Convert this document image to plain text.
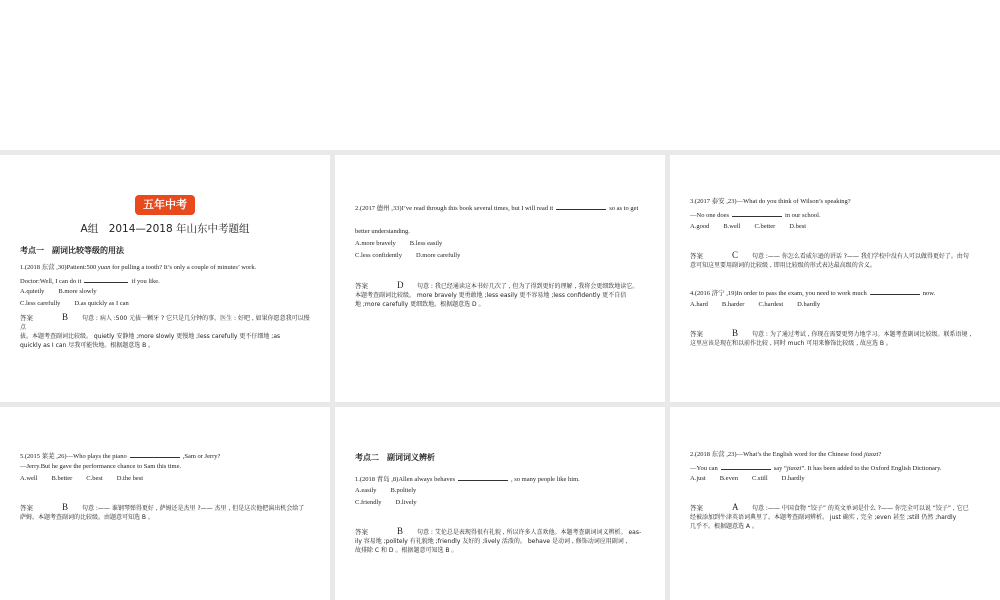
五年中考
A组　2014—2018 年山东中考题组
考点一　副词比较等级的用法
1.(2018 东营 ,30)Patient:500 yuan for pulling a tooth? It’s only a couple of minutes’ work.
Doctor:Well, I can do it	if you like.
A.quietly B.more slowly
C.less carefully D.as quickly as I can
答案	B 句意 : 病人 :500 元拔一颗牙 ? 它只是几分钟的事。医生 : 好吧 , 如果你愿意我可以慢点
拔。本题考查副词比较级。 quietly 安静地 ;more slowly 更慢地 ;less carefully 更不仔细地 ;as
quickly as I can 尽我可能快地。根据题意选 B 。
2.(2017 德州 ,33)I’ve read through this book several times, but I will read it	so as to get
better understanding.
A.more bravely B.less easily
C.less confidently D.more carefully
答案	D 句意 : 我已经通读这本书好几次了 , 但为了得到更好的理解 , 我将会更细致地读它。
本题考查副词比较级。 more bravely 更勇敢地 ;less easily 更不容易地 ;less confidently 更不自信
地 ;more carefully 更细致地。根据题意选 D 。
3.(2017 泰安 ,23)—What do you think of Wilson’s speaking?
—No one does	in our school.
A.good B.well C.better D.best
答案	C 句意 :—— 你怎么看威尔逊的讲话 ?—— 我们学校中没有人可以做得更好了。由句
意可知这里要用副词的比较级 , 即用比较级的形式表达最高级的含义。
4.(2016 济宁 ,19)In order to pass the exam, you need to work much	now.
A.hard B.harder C.hardest D.hardly
答案	B 句意 : 为了通过考试 , 你现在需要更努力地学习。本题考查副词比较级。联系语境 ,
这里应该是现在和以前作比较 , 同时 much 可用来修饰比较级 , 故应选 B 。
5.(2015 莱芜 ,26)—Who plays the piano	,Sam or Jerry?
—Jerry.But he gave the performance chance to Sam this time.
A.well B.better C.best D.the best
答案	B 句意 :—— 谁钢琴弹得更好 , 萨姆还是杰里 ?—— 杰里 , 但是这次他把演出机会给了
萨姆。本题考查副词的比较级。由题意可知选 B 。
考点二　副词词义辨析
1.(2018 青岛 ,8)Allen always behaves	, so many people like him.
A.easily B.politely
C.friendly D.lively
答案	B 句意 : 艾伦总是表现得很有礼貌 , 所以许多人喜欢他。本题考查副词词义辨析。 eas-
ily 容易地 ;politely 有礼貌地 ;friendly 友好的 ;lively 活泼的。 behave 是动词 , 修饰动词应用副词 ,
故排除 C 和 D 。根据题意可知选 B 。
2.(2018 东营 ,23)—What’s the English word for the Chinese food jiaozi?
—You can	say “jiaozi”. It has been added to the Oxford English Dictionary.
A.just B.even C.still D.hardly
答案	A 句意 :—— 中国食物 “饺子” 的英文单词是什么 ?—— 你完全可以说 “饺子” , 它已
经被添加到牛津英语词典里了。本题考查副词辨析。 just 确实 , 完全 ;even 甚至 ;still 仍然 ;hardly
几乎不。根据题意选 A 。
